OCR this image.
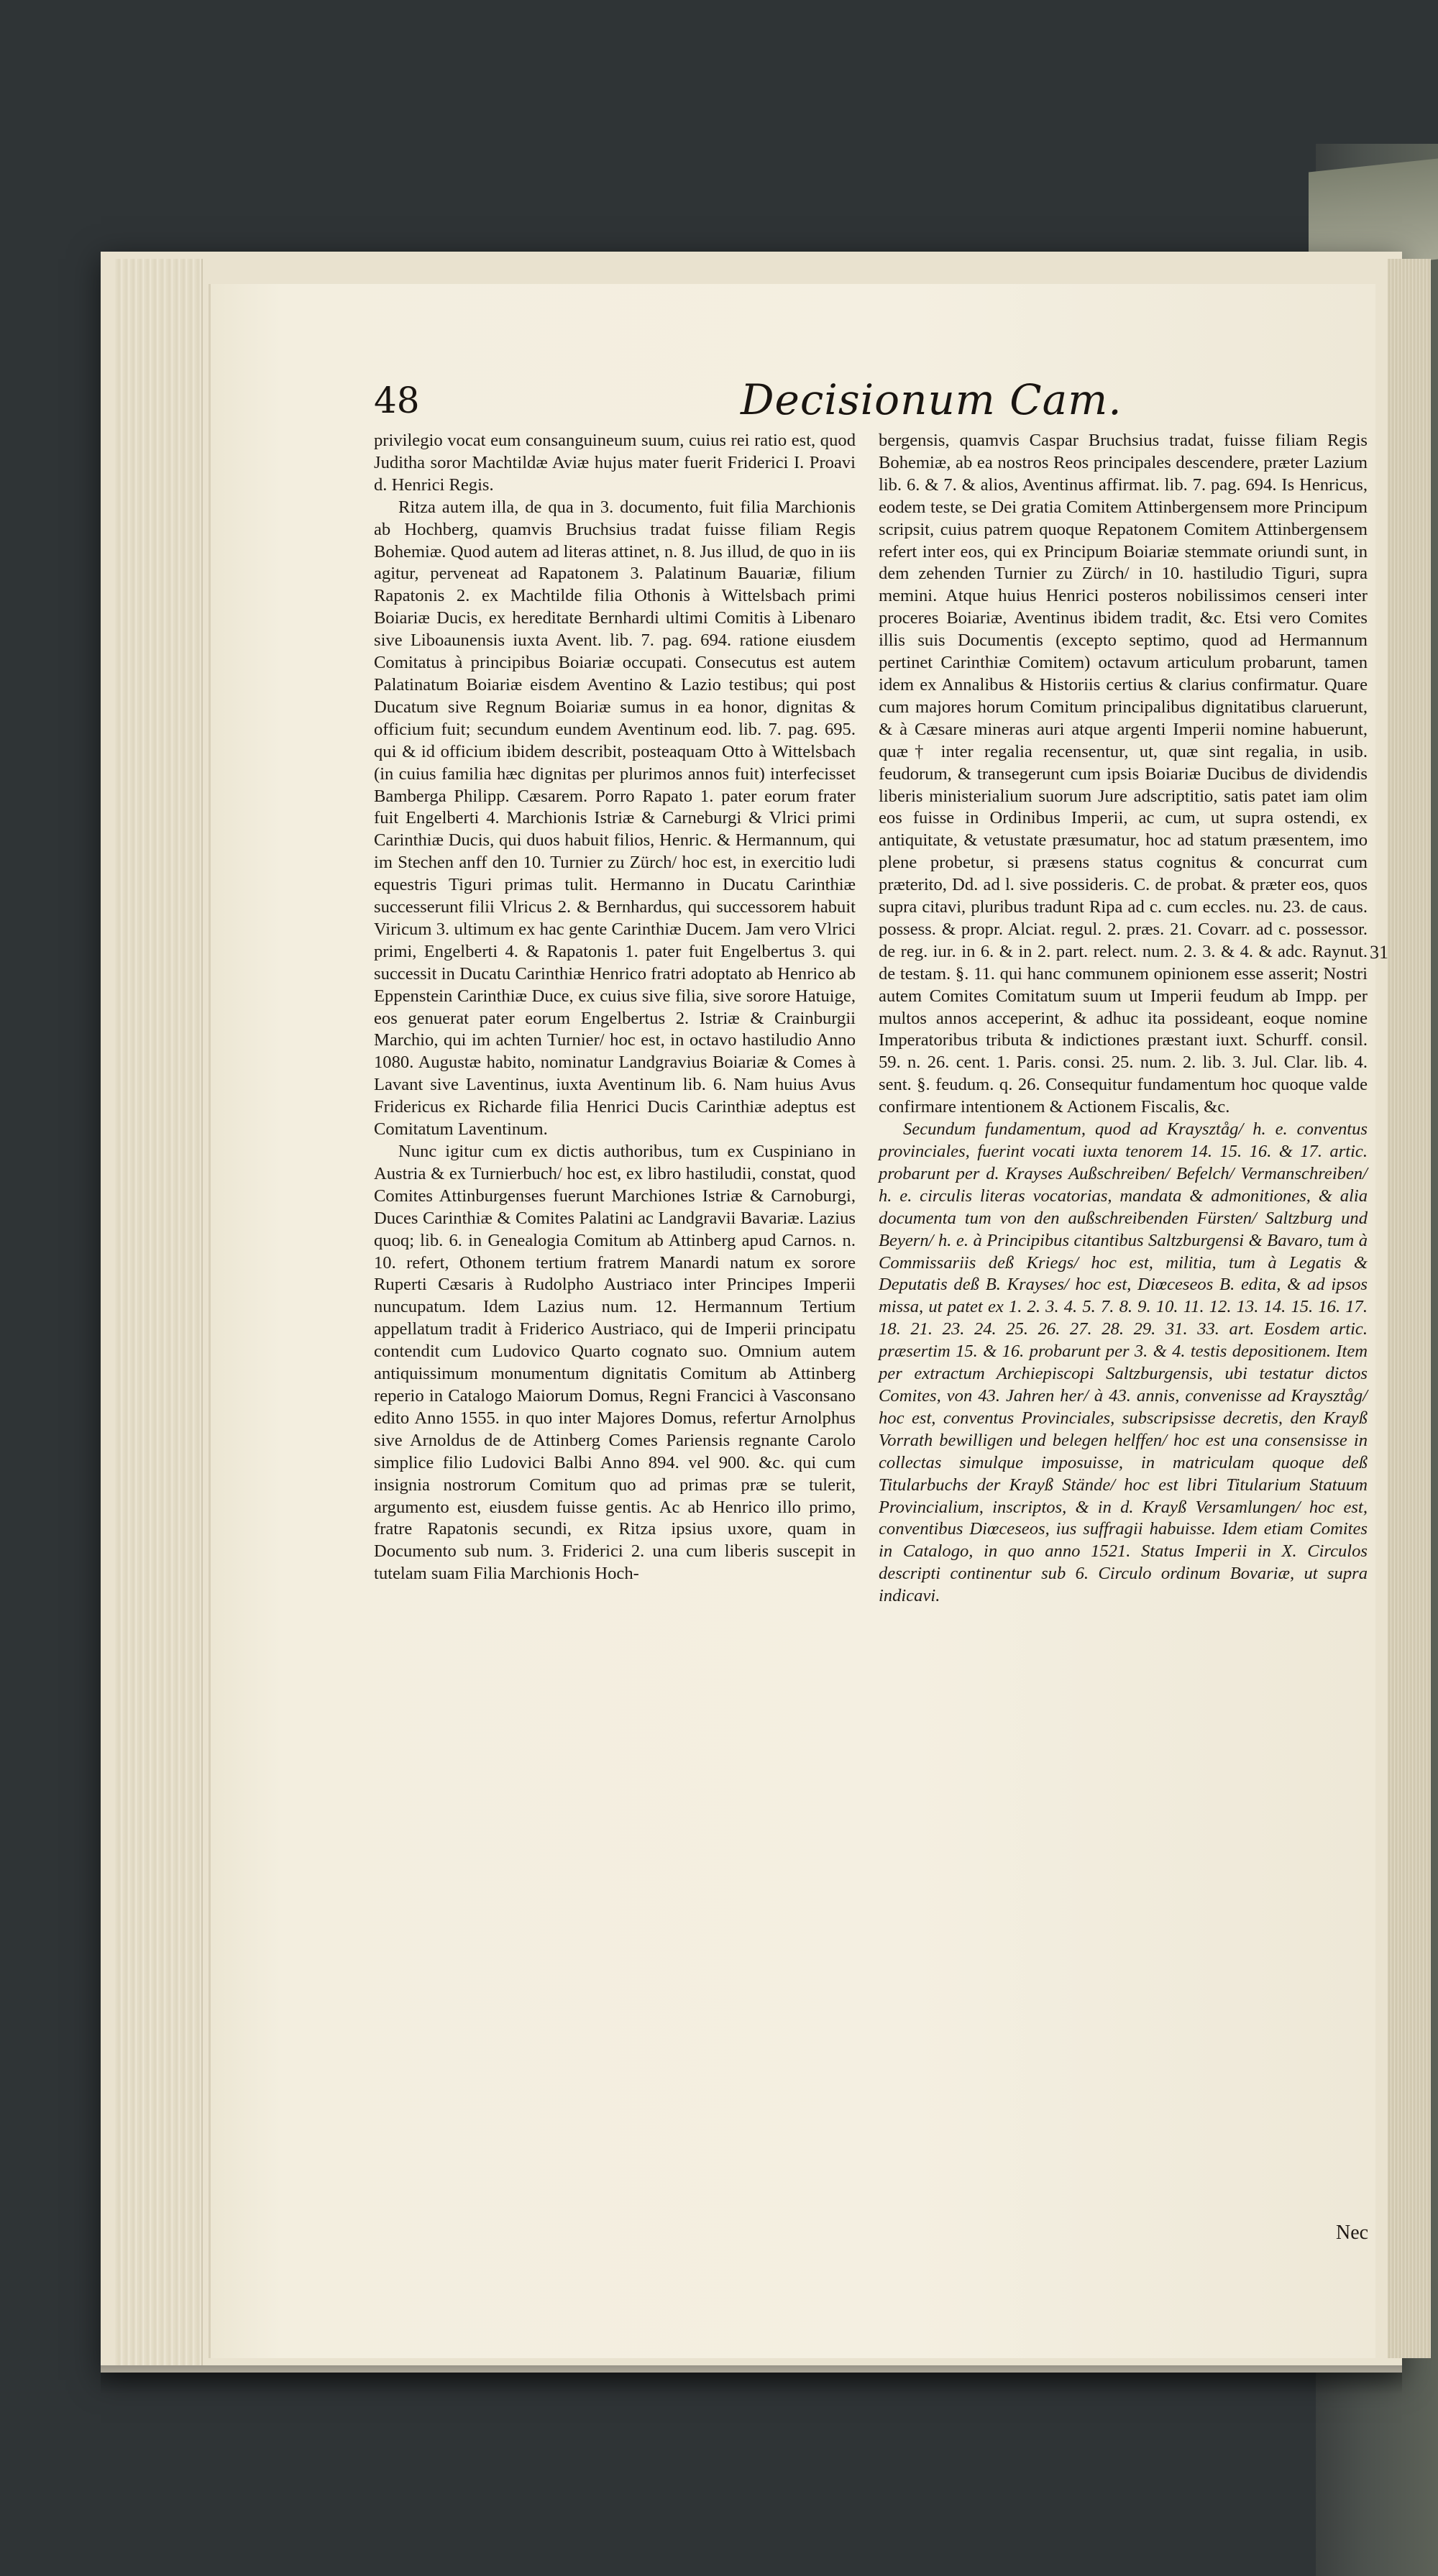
48	Decisionum Cam.

privilegio vocat eum consanguineum suum, cuius rei ratio est, quod Juditha soror Machtildæ Aviæ hujus mater fuerit Friderici I. Proavi d. Henrici Regis.

Ritza autem illa, de qua in 3. documento, fuit filia Marchionis ab Hochberg, quamvis Bruchsius tradat fuisse filiam Regis Bohemiæ. Quod autem ad literas attinet, n. 8. Jus illud, de quo in iis agitur, perveneat ad Rapatonem 3. Palatinum Bauariæ, filium Rapatonis 2. ex Machtilde filia Othonis à Wittelsbach primi Boiariæ Ducis, ex hereditate Bernhardi ultimi Comitis à Libenaro sive Liboaunensis iuxta Avent. lib. 7. pag. 694. ratione eiusdem Comitatus à principibus Boiariæ occupati. Consecutus est autem Palatinatum Boiariæ eisdem Aventino & Lazio testibus; qui post Ducatum sive Regnum Boiariæ sumus in ea honor, dignitas & officium fuit; secundum eundem Aventinum eod. lib. 7. pag. 695. qui & id officium ibidem describit, posteaquam Otto à Wittelsbach (in cuius familia hæc dignitas per plurimos annos fuit) interfecisset Bamberga Philipp. Cæsarem. Porro Rapato 1. pater eorum frater fuit Engelberti 4. Marchionis Istriæ & Carneburgi & Vlrici primi Carinthiæ Ducis, qui duos habuit filios, Henric. & Hermannum, qui im Stechen anff den 10. Turnier zu Zürch/ hoc est, in exercitio ludi equestris Tiguri primas tulit. Hermanno in Ducatu Carinthiæ successerunt filii Vlricus 2. & Bernhardus, qui successorem habuit Viricum 3. ultimum ex hac gente Carinthiæ Ducem. Jam vero Vlrici primi, Engelberti 4. & Rapatonis 1. pater fuit Engelbertus 3. qui successit in Ducatu Carinthiæ Henrico fratri adoptato ab Henrico ab Eppenstein Carinthiæ Duce, ex cuius sive filia, sive sorore Hatuige, eos genuerat pater eorum Engelbertus 2. Istriæ & Crainburgii Marchio, qui im achten Turnier/ hoc est, in octavo hastiludio Anno 1080. Augustæ habito, nominatur Landgravius Boiariæ & Comes à Lavant sive Laventinus, iuxta Aventinum lib. 6. Nam huius Avus Fridericus ex Richarde filia Henrici Ducis Carinthiæ adeptus est Comitatum Laventinum.

Nunc igitur cum ex dictis authoribus, tum ex Cuspiniano in Austria & ex Turnierbuch/ hoc est, ex libro hastiludii, constat, quod Comites Attinburgenses fuerunt Marchiones Istriæ & Carnoburgi, Duces Carinthiæ & Comites Palatini ac Landgravii Bavariæ. Lazius quoq; lib. 6. in Genealogia Comitum ab Attinberg apud Carnos. n. 10. refert, Othonem tertium fratrem Manardi natum ex sorore Ruperti Cæsaris à Rudolpho Austriaco inter Principes Imperii nuncupatum. Idem Lazius num. 12. Hermannum Tertium appellatum tradit à Friderico Austriaco, qui de Imperii principatu contendit cum Ludovico Quarto cognato suo. Omnium autem antiquissimum monumentum dignitatis Comitum ab Attinberg reperio in Catalogo Maiorum Domus, Regni Francici à Vasconsano edito Anno 1555. in quo inter Majores Domus, refertur Arnolphus sive Arnoldus de de Attinberg Comes Pariensis regnante Carolo simplice filio Ludovici Balbi Anno 894. vel 900. &c. qui cum insignia nostrorum Comitum quo ad primas præ se tulerit, argumento est, eiusdem fuisse gentis. Ac ab Henrico illo primo, fratre Rapatonis secundi, ex Ritza ipsius uxore, quam in Documento sub num. 3. Friderici 2. una cum liberis suscepit in tutelam suam Filia Marchionis Hoch-

bergensis, quamvis Caspar Bruchsius tradat, fuisse filiam Regis Bohemiæ, ab ea nostros Reos principales descendere, præter Lazium lib. 6. & 7. & alios, Aventinus affirmat. lib. 7. pag. 694. Is Henricus, eodem teste, se Dei gratia Comitem Attinbergensem more Principum scripsit, cuius patrem quoque Repatonem Comitem Attinbergensem refert inter eos, qui ex Principum Boiariæ stemmate oriundi sunt, in dem zehenden Turnier zu Zürch/ in 10. hastiludio Tiguri, supra memini. Atque huius Henrici posteros nobilissimos censeri inter proceres Boiariæ, Aventinus ibidem tradit, &c. Etsi vero Comites illis suis Documentis (excepto septimo, quod ad Hermannum pertinet Carinthiæ Comitem) octavum articulum probarunt, tamen idem ex Annalibus & Historiis certius & clarius confirmatur. Quare cum majores horum Comitum principalibus dignitatibus claruerunt, & à Cæsare mineras auri atque argenti Imperii nomine habuerunt, quæ† inter regalia recensentur, ut, quæ sint regalia, in usib. feudorum, & transegerunt cum ipsis Boiariæ Ducibus de dividendis liberis ministerialium suorum Jure adscriptitio, satis patet iam olim eos fuisse in Ordinibus Imperii, ac cum, ut supra ostendi, ex antiquitate, & vetustate præsumatur, hoc ad statum præsentem, imo plene probetur, si præsens status cognitus & concurrat cum præterito, Dd. ad l. sive possideris. C. de probat. & præter eos, quos supra citavi, pluribus tradunt Ripa ad c. cum eccles. nu. 23. de caus. possess. & propr. Alciat. regul. 2. præs. 21. Covarr. ad c. possessor. de reg. iur. in 6. & in 2. part. relect. num. 2. 3. & 4. & adc. Raynut. de testam. §. 11. qui hanc communem opinionem esse asserit; Nostri autem Comites Comitatum suum ut Imperii feudum ab Impp. per multos annos acceperint, & adhuc ita possideant, eoque nomine Imperatoribus tributa & indictiones præstant iuxt. Schurff. consil. 59. n. 26. cent. 1. Paris. consi. 25. num. 2. lib. 3. Jul. Clar. lib. 4. sent. §. feudum. q. 26. Consequitur fundamentum hoc quoque valde confirmare intentionem & Actionem Fiscalis, &c.

Secundum fundamentum, quod ad Kraysztåg/ h. e. conventus provinciales, fuerint vocati iuxta tenorem 14. 15. 16. & 17. artic. probarunt per d. Krayses Außschreiben/ Befelch/ Vermanschreiben/ h. e. circulis literas vocatorias, mandata & admonitiones, & alia documenta tum von den außschreibenden Fürsten/ Saltzburg und Beyern/ h. e. à Principibus citantibus Saltzburgensi & Bavaro, tum à Commissariis deß Kriegs/ hoc est, militia, tum à Legatis & Deputatis deß B. Krayses/ hoc est, Diœceseos B. edita, & ad ipsos missa, ut patet ex 1. 2. 3. 4. 5. 7. 8. 9. 10. 11. 12. 13. 14. 15. 16. 17. 18. 21. 23. 24. 25. 26. 27. 28. 29. 31. 33. art. Eosdem artic. præsertim 15. & 16. probarunt per 3. & 4. testis depositionem. Item per extractum Archiepiscopi Saltzburgensis, ubi testatur dictos Comites, von 43. Jahren her/ à 43. annis, convenisse ad Kraysztåg/ hoc est, conventus Provinciales, subscripsisse decretis, den Krayß Vorrath bewilligen und belegen helffen/ hoc est una consensisse in collectas simulque imposuisse, in matriculam quoque deß Titularbuchs der Krayß Stände/ hoc est libri Titularium Statuum Provincialium, inscriptos, & in d. Krayß Versamlungen/ hoc est, conventibus Diœceseos, ius suffragii habuisse. Idem etiam Comites in Catalogo, in quo anno 1521. Status Imperii in X. Circulos descripti continentur sub 6. Circulo ordinum Bovariæ, ut supra indicavi.

31
Nec
